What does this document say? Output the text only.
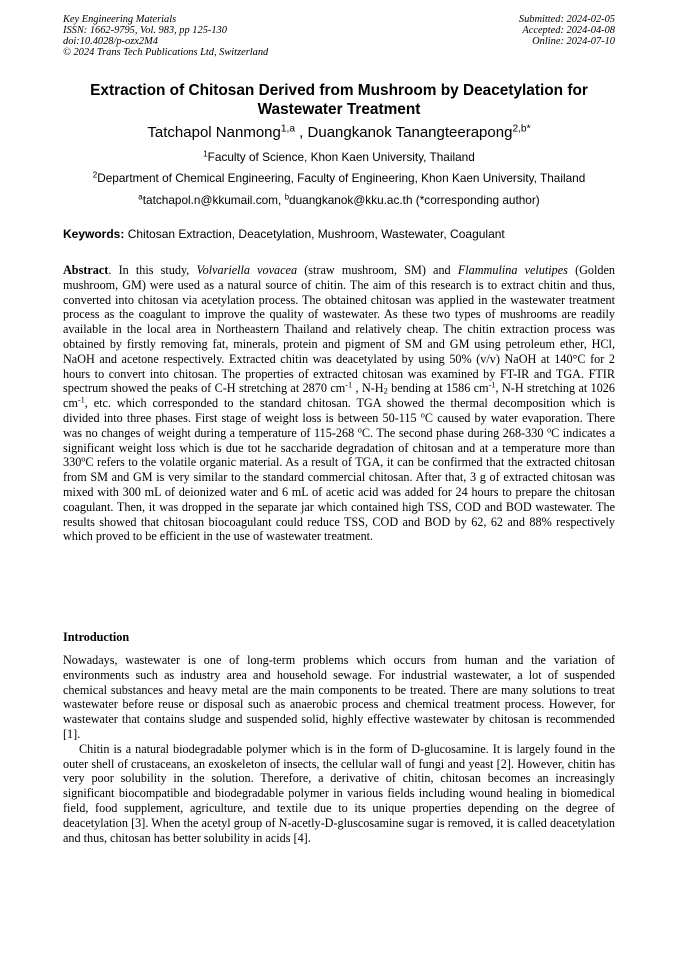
Key Engineering Materials
ISSN: 1662-9795, Vol. 983, pp 125-130
doi:10.4028/p-ozx2M4
© 2024 Trans Tech Publications Ltd, Switzerland
Submitted: 2024-02-05
Accepted: 2024-04-08
Online: 2024-07-10
Extraction of Chitosan Derived from Mushroom by Deacetylation for Wastewater Treatment
Tatchapol Nanmong$^{1,a}$ , Duangkanok Tanangteerapong$^{2,b*}$
$^1$Faculty of Science, Khon Kaen University, Thailand
$^2$Department of Chemical Engineering, Faculty of Engineering, Khon Kaen University, Thailand
$^a$tatchapol.n@kkumail.com, $^b$duangkanok@kku.ac.th (*corresponding author)
Keywords: Chitosan Extraction, Deacetylation, Mushroom, Wastewater, Coagulant
Abstract. In this study, Volvariella vovacea (straw mushroom, SM) and Flammulina velutipes (Golden mushroom, GM) were used as a natural source of chitin. The aim of this research is to extract chitin and thus, converted into chitosan via acetylation process. The obtained chitosan was applied in the wastewater treatment process as the coagulant to improve the quality of wastewater. As these two types of mushrooms are readily available in the local area in Northeastern Thailand and relatively cheap. The chitin extraction process was obtained by firstly removing fat, minerals, protein and pigment of SM and GM using petroleum ether, HCl, NaOH and acetone respectively. Extracted chitin was deacetylated by using 50% (v/v) NaOH at 140°C for 2 hours to convert into chitosan. The properties of extracted chitosan was examined by FT-IR and TGA. FTIR spectrum showed the peaks of C-H stretching at 2870 $cm^{-1}$ , $N-H_2$ bending at 1586 $cm^{-1}$, N-H stretching at 1026 $cm^{-1}$, etc. which corresponded to the standard chitosan. TGA showed the thermal decomposition which is divided into three phases. First stage of weight loss is between 50-115 $^o$C caused by water evaporation. There was no changes of weight during a temperature of 115-268 $^o$C. The second phase during 268-330 $^o$C indicates a significant weight loss which is due tot he saccharide degradation of chitosan and at a temperature more than 330$^o$C refers to the volatile organic material. As a result of TGA, it can be confirmed that the extracted chitosan from SM and GM is very similar to the standard commercial chitosan. After that, 3 g of extracted chitosan was mixed with 300 mL of deionized water and 6 mL of acetic acid was added for 24 hours to prepare the chitosan coagulant. Then, it was dropped in the separate jar which contained high TSS, COD and BOD wastewater. The results showed that chitosan biocoagulant could reduce TSS, COD and BOD by 62, 62 and 88% respectively which proved to be efficient in the use of wastewater treatment.
Introduction

Nowadays, wastewater is one of long-term problems which occurs from human and the variation of environments such as industry area and household sewage. For industrial wastewater, a lot of suspended chemical substances and heavy metal are the main components to be treated. There are many solutions to treat wastewater before reuse or disposal such as anaerobic process and chemical treatment process. However, for wastewater that contains sludge and suspended solid, highly effective wastewater by chitosan is recommended [1].

Chitin is a natural biodegradable polymer which is in the form of D-glucosamine. It is largely found in the outer shell of crustaceans, an exoskeleton of insects, the cellular wall of fungi and yeast [2]. However, chitin has very poor solubility in the solution. Therefore, a derivative of chitin, chitosan becomes an increasingly significant biocompatible and biodegradable polymer in various fields including wound healing in biomedical field, food supplement, agriculture, and textile due to its unique properties depending on the degree of deacetylation [3]. When the acetyl group of N-acetly-D-gluscosamine sugar is removed, it is called deacetylation and thus, chitosan has better solubility in acids [4].
